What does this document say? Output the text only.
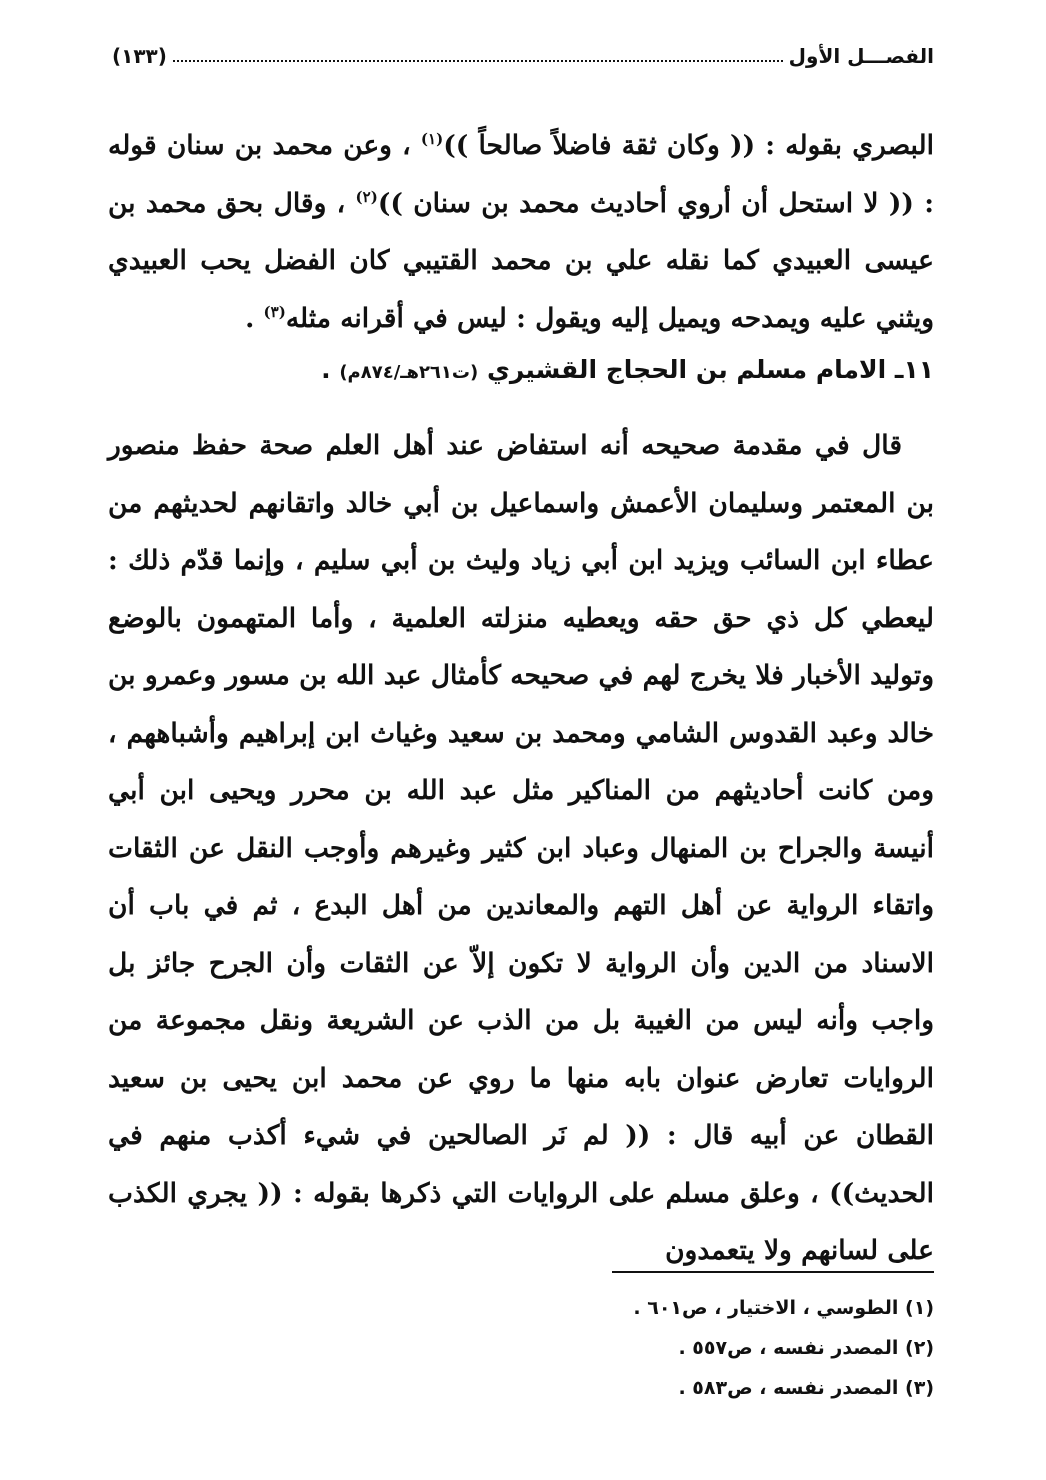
الفصـــل الأول
(١٣٣)

البصري بقوله : (( وكان ثقة فاضلاً صالحاً ))$^{(١)}$ ، وعن محمد بن سنان قوله : (( لا استحل أن أروي أحاديث محمد بن سنان ))$^{(٢)}$ ، وقال بحق محمد بن عيسى العبيدي كما نقله علي بن محمد القتيبي كان الفضل يحب العبيدي ويثني عليه ويمدحه ويميل إليه ويقول : ليس في أقرانه مثله$^{(٣)}$ .

١١ـ الامام مسلم بن الحجاج القشيري (ت٢٦١هـ/٨٧٤م) .

قال في مقدمة صحيحه أنه استفاض عند أهل العلم صحة حفظ منصور بن المعتمر وسليمان الأعمش واسماعيل بن أبي خالد واتقانهم لحديثهم من عطاء ابن السائب ويزيد ابن أبي زياد وليث بن أبي سليم ، وإنما قدّم ذلك : ليعطي كل ذي حق حقه ويعطيه منزلته العلمية ، وأما المتهمون بالوضع وتوليد الأخبار فلا يخرج لهم في صحيحه كأمثال عبد الله بن مسور وعمرو بن خالد وعبد القدوس الشامي ومحمد بن سعيد وغياث ابن إبراهيم وأشباههم ، ومن كانت أحاديثهم من المناكير مثل عبد الله بن محرر ويحيى ابن أبي أنيسة والجراح بن المنهال وعباد ابن كثير وغيرهم وأوجب النقل عن الثقات واتقاء الرواية عن أهل التهم والمعاندين من أهل البدع ، ثم في باب أن الاسناد من الدين وأن الرواية لا تكون إلاّ عن الثقات وأن الجرح جائز بل واجب وأنه ليس من الغيبة بل من الذب عن الشريعة ونقل مجموعة من الروايات تعارض عنوان بابه منها ما روي عن محمد ابن يحيى بن سعيد القطان عن أبيه قال : (( لم نَر الصالحين في شيء أكذب منهم في الحديث)) ، وعلق مسلم على الروايات التي ذكرها بقوله : (( يجري الكذب على لسانهم ولا يتعمدون

(١) الطوسي ، الاختيار ، ص٦٠١ .
(٢) المصدر نفسه ، ص٥٥٧ .
(٣) المصدر نفسه ، ص٥٨٣ .
